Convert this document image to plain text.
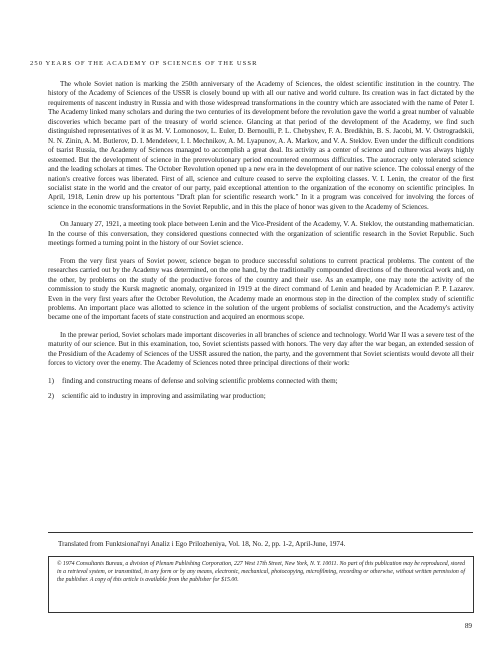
250 YEARS OF THE ACADEMY OF SCIENCES OF THE USSR

The whole Soviet nation is marking the 250th anniversary of the Academy of Sciences, the oldest scientific institution in the country. The history of the Academy of Sciences of the USSR is closely bound up with all our native and world culture. Its creation was in fact dictated by the requirements of nascent industry in Russia and with those widespread transformations in the country which are associated with the name of Peter I. The Academy linked many scholars and during the two centuries of its development before the revolution gave the world a great number of valuable discoveries which became part of the treasury of world science. Glancing at that period of the development of the Academy, we find such distinguished representatives of it as M. V. Lomonosov, L. Euler, D. Bernoulli, P. L. Chebyshev, F. A. Bredikhin, B. S. Jacobi, M. V. Ostrogradskii, N. N. Zinin, A. M. Butlerov, D. I. Mendeleev, I. I. Mechnikov, A. M. Lyapunov, A. A. Markov, and V. A. Steklov. Even under the difficult conditions of tsarist Russia, the Academy of Sciences managed to accomplish a great deal. Its activity as a center of science and culture was always highly esteemed. But the development of science in the prerevolutionary period encountered enormous difficulties. The autocracy only tolerated science and the leading scholars at times. The October Revolution opened up a new era in the development of our native science. The colossal energy of the nation's creative forces was liberated. First of all, science and culture ceased to serve the exploiting classes. V. I. Lenin, the creator of the first socialist state in the world and the creator of our party, paid exceptional attention to the organization of the economy on scientific principles. In April, 1918, Lenin drew up his portentous "Draft plan for scientific research work." In it a program was conceived for involving the forces of science in the economic transformations in the Soviet Republic, and in this the place of honor was given to the Academy of Sciences.

On January 27, 1921, a meeting took place between Lenin and the Vice-President of the Academy, V. A. Steklov, the outstanding mathematician. In the course of this conversation, they considered questions connected with the organization of scientific research in the Soviet Republic. Such meetings formed a turning point in the history of our Soviet science.

From the very first years of Soviet power, science began to produce successful solutions to current practical problems. The content of the researches carried out by the Academy was determined, on the one hand, by the traditionally compounded directions of the theoretical work and, on the other, by problems on the study of the productive forces of the country and their use. As an example, one may note the activity of the commission to study the Kursk magnetic anomaly, organized in 1919 at the direct command of Lenin and headed by Academician P. P. Lazarev. Even in the very first years after the October Revolution, the Academy made an enormous step in the direction of the complex study of scientific problems. An important place was allotted to science in the solution of the urgent problems of socialist construction, and the Academy's activity became one of the important facets of state construction and acquired an enormous scope.

In the prewar period, Soviet scholars made important discoveries in all branches of science and technology. World War II was a severe test of the maturity of our science. But in this examination, too, Soviet scientists passed with honors. The very day after the war began, an extended session of the Presidium of the Academy of Sciences of the USSR assured the nation, the party, and the government that Soviet scientists would devote all their forces to victory over the enemy. The Academy of Sciences noted three principal directions of their work:

1)	finding and constructing means of defense and solving scientific problems connected with them;
2)	scientific aid to industry in improving and assimilating war production;
Translated from Funktsional'nyi Analiz i Ego Prilozheniya, Vol. 18, No. 2, pp. 1-2, April-June, 1974.

© 1974 Consultants Bureau, a division of Plenum Publishing Corporation, 227 West 17th Street, New York, N. Y. 10011. No part of this publication may be reproduced, stored in a retrieval system, or transmitted, in any form or by any means, electronic, mechanical, photocopying, microfilming, recording or otherwise, without written permission of the publisher. A copy of this article is available from the publisher for $15.00.

89
